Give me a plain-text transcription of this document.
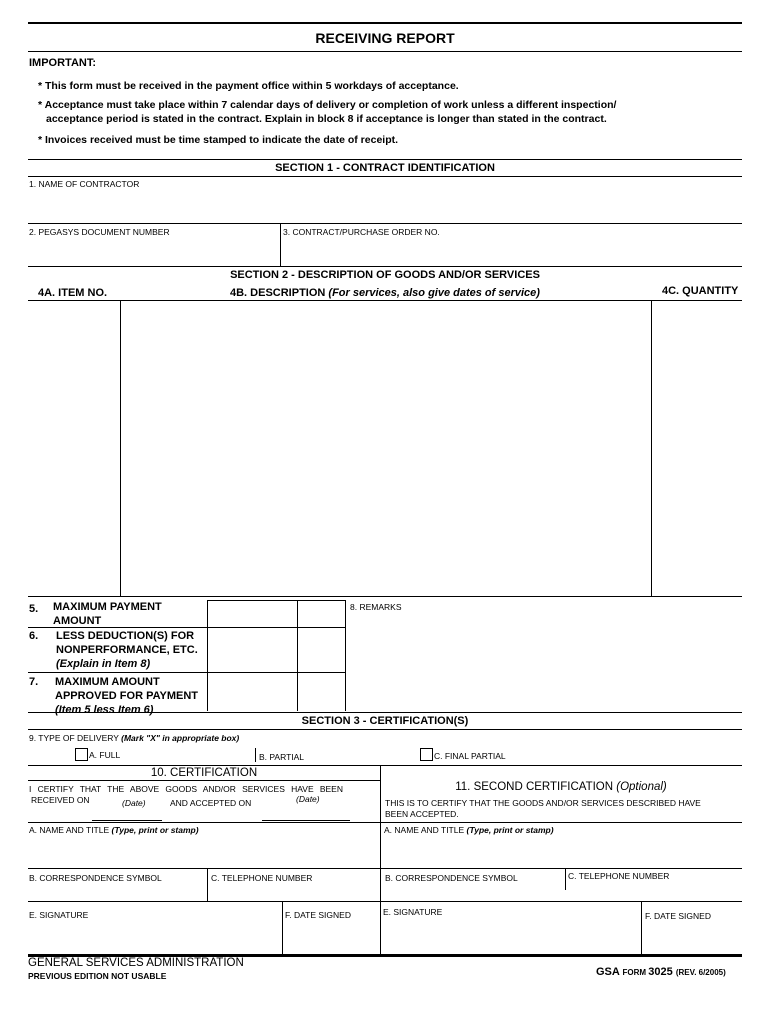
RECEIVING REPORT
IMPORTANT:
* This form must be received in the payment office within 5 workdays of acceptance.
* Acceptance must take place within 7 calendar days of delivery or completion of work unless a different inspection/
acceptance period is stated in the contract. Explain in block 8 if acceptance is longer than stated in the contract.
* Invoices received must be time stamped to indicate the date of receipt.
SECTION 1 - CONTRACT IDENTIFICATION
1. NAME OF CONTRACTOR
2. PEGASYS DOCUMENT NUMBER	3. CONTRACT/PURCHASE ORDER NO.
SECTION 2 - DESCRIPTION OF GOODS AND/OR SERVICES
4A. ITEM NO.	4B. DESCRIPTION (For services, also give dates of service)	4C. QUANTITY
5. MAXIMUM PAYMENT
AMOUNT
6. LESS DEDUCTION(S) FOR
NONPERFORMANCE, ETC.
(Explain in Item 8)
7. MAXIMUM AMOUNT
APPROVED FOR PAYMENT
(Item 5 less Item 6)
8. REMARKS
SECTION 3 - CERTIFICATION(S)
9. TYPE OF DELIVERY (Mark "X" in appropriate box)
A. FULL	B. PARTIAL	C. FINAL PARTIAL
10. CERTIFICATION
I CERTIFY THAT THE ABOVE GOODS AND/OR SERVICES HAVE BEEN
RECEIVED ON	(Date)	AND ACCEPTED ON	(Date)
A. NAME AND TITLE (Type, print or stamp)
B. CORRESPONDENCE SYMBOL	C. TELEPHONE NUMBER
E. SIGNATURE	F. DATE SIGNED
11. SECOND CERTIFICATION (Optional)
THIS IS TO CERTIFY THAT THE GOODS AND/OR SERVICES DESCRIBED HAVE
BEEN ACCEPTED.
A. NAME AND TITLE (Type, print or stamp)
B. CORRESPONDENCE SYMBOL	C. TELEPHONE NUMBER
E. SIGNATURE	F. DATE SIGNED
GENERAL SERVICES ADMINISTRATION
PREVIOUS EDITION NOT USABLE	GSA FORM 3025 (REV. 6/2005)
